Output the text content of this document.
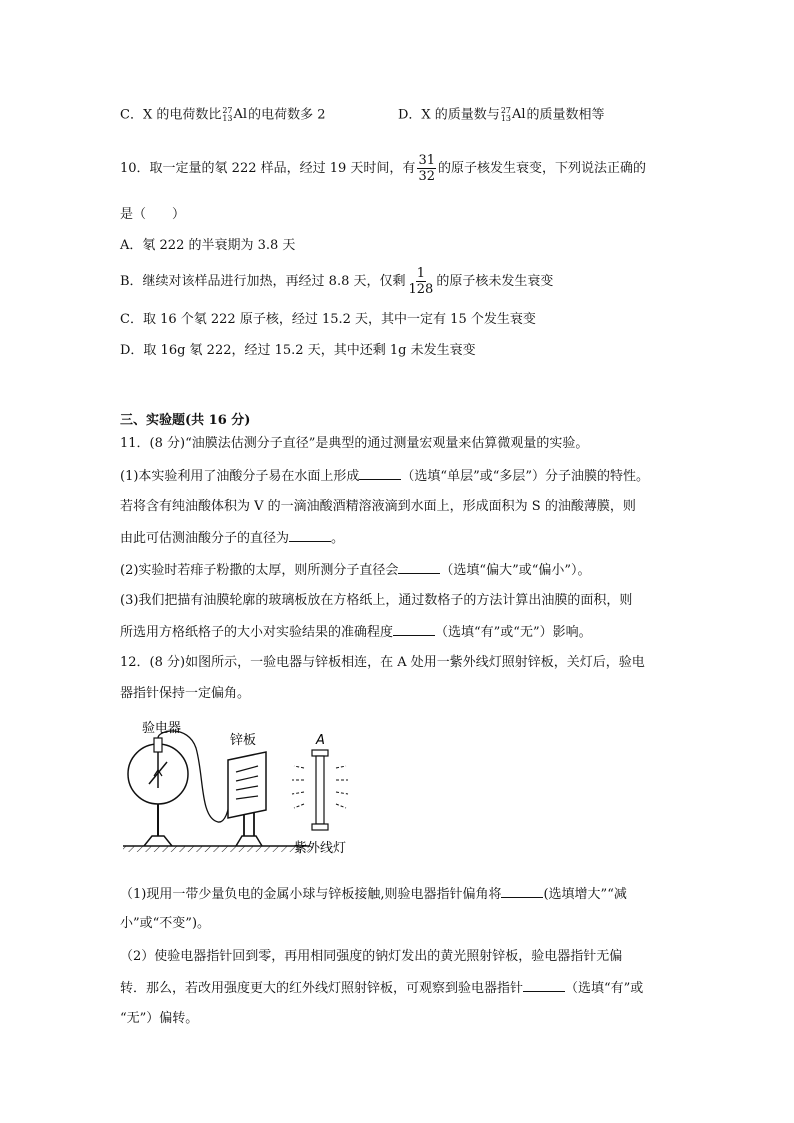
C．X 的电荷数比 27
13 Al 的电荷数多 2	D．X 的质量数与 27
13 Al 的质量数相等
10．取一定量的氡 222 样品，经过 19 天时间，有 $\frac{31}{32}$ 的原子核发生衰变，下列说法正确的
是（　　）
A．氡 222 的半衰期为 3.8 天
B．继续对该样品进行加热，再经过 8.8 天，仅剩 $\frac{1}{128}$ 的原子核未发生衰变
C．取 16 个氡 222 原子核，经过 15.2 天，其中一定有 15 个发生衰变
D．取 16g 氡 222，经过 15.2 天，其中还剩 1g 未发生衰变
三、实验题(共 16 分)
11．(8 分)“油膜法估测分子直径”是典型的通过测量宏观量来估算微观量的实验。
(1)本实验利用了油酸分子易在水面上形成	（选填“单层”或“多层”）分子油膜的特性。
若将含有纯油酸体积为 V 的一滴油酸酒精溶液滴到水面上，形成面积为 S 的油酸薄膜，则
由此可估测油酸分子的直径为	。
(2)实验时若痱子粉撒的太厚，则所测分子直径会	（选填“偏大”或“偏小”）。
(3)我们把描有油膜轮廓的玻璃板放在方格纸上，通过数格子的方法计算出油膜的面积，则
所选用方格纸格子的大小对实验结果的准确程度	（选填“有”或“无”）影响。
12．(8 分)如图所示，一验电器与锌板相连，在 A 处用一紫外线灯照射锌板，关灯后，验电
器指针保持一定偏角。
验电器
锌板	A
紫外线灯
（1)现用一带少量负电的金属小球与锌板接触,则验电器指针偏角将	(选填增大”“减
小”或“不变”)。
（2）使验电器指针回到零，再用相同强度的钠灯发出的黄光照射锌板，验电器指针无偏
转．那么，若改用强度更大的红外线灯照射锌板，可观察到验电器指针	（选填“有”或
“无”）偏转。
